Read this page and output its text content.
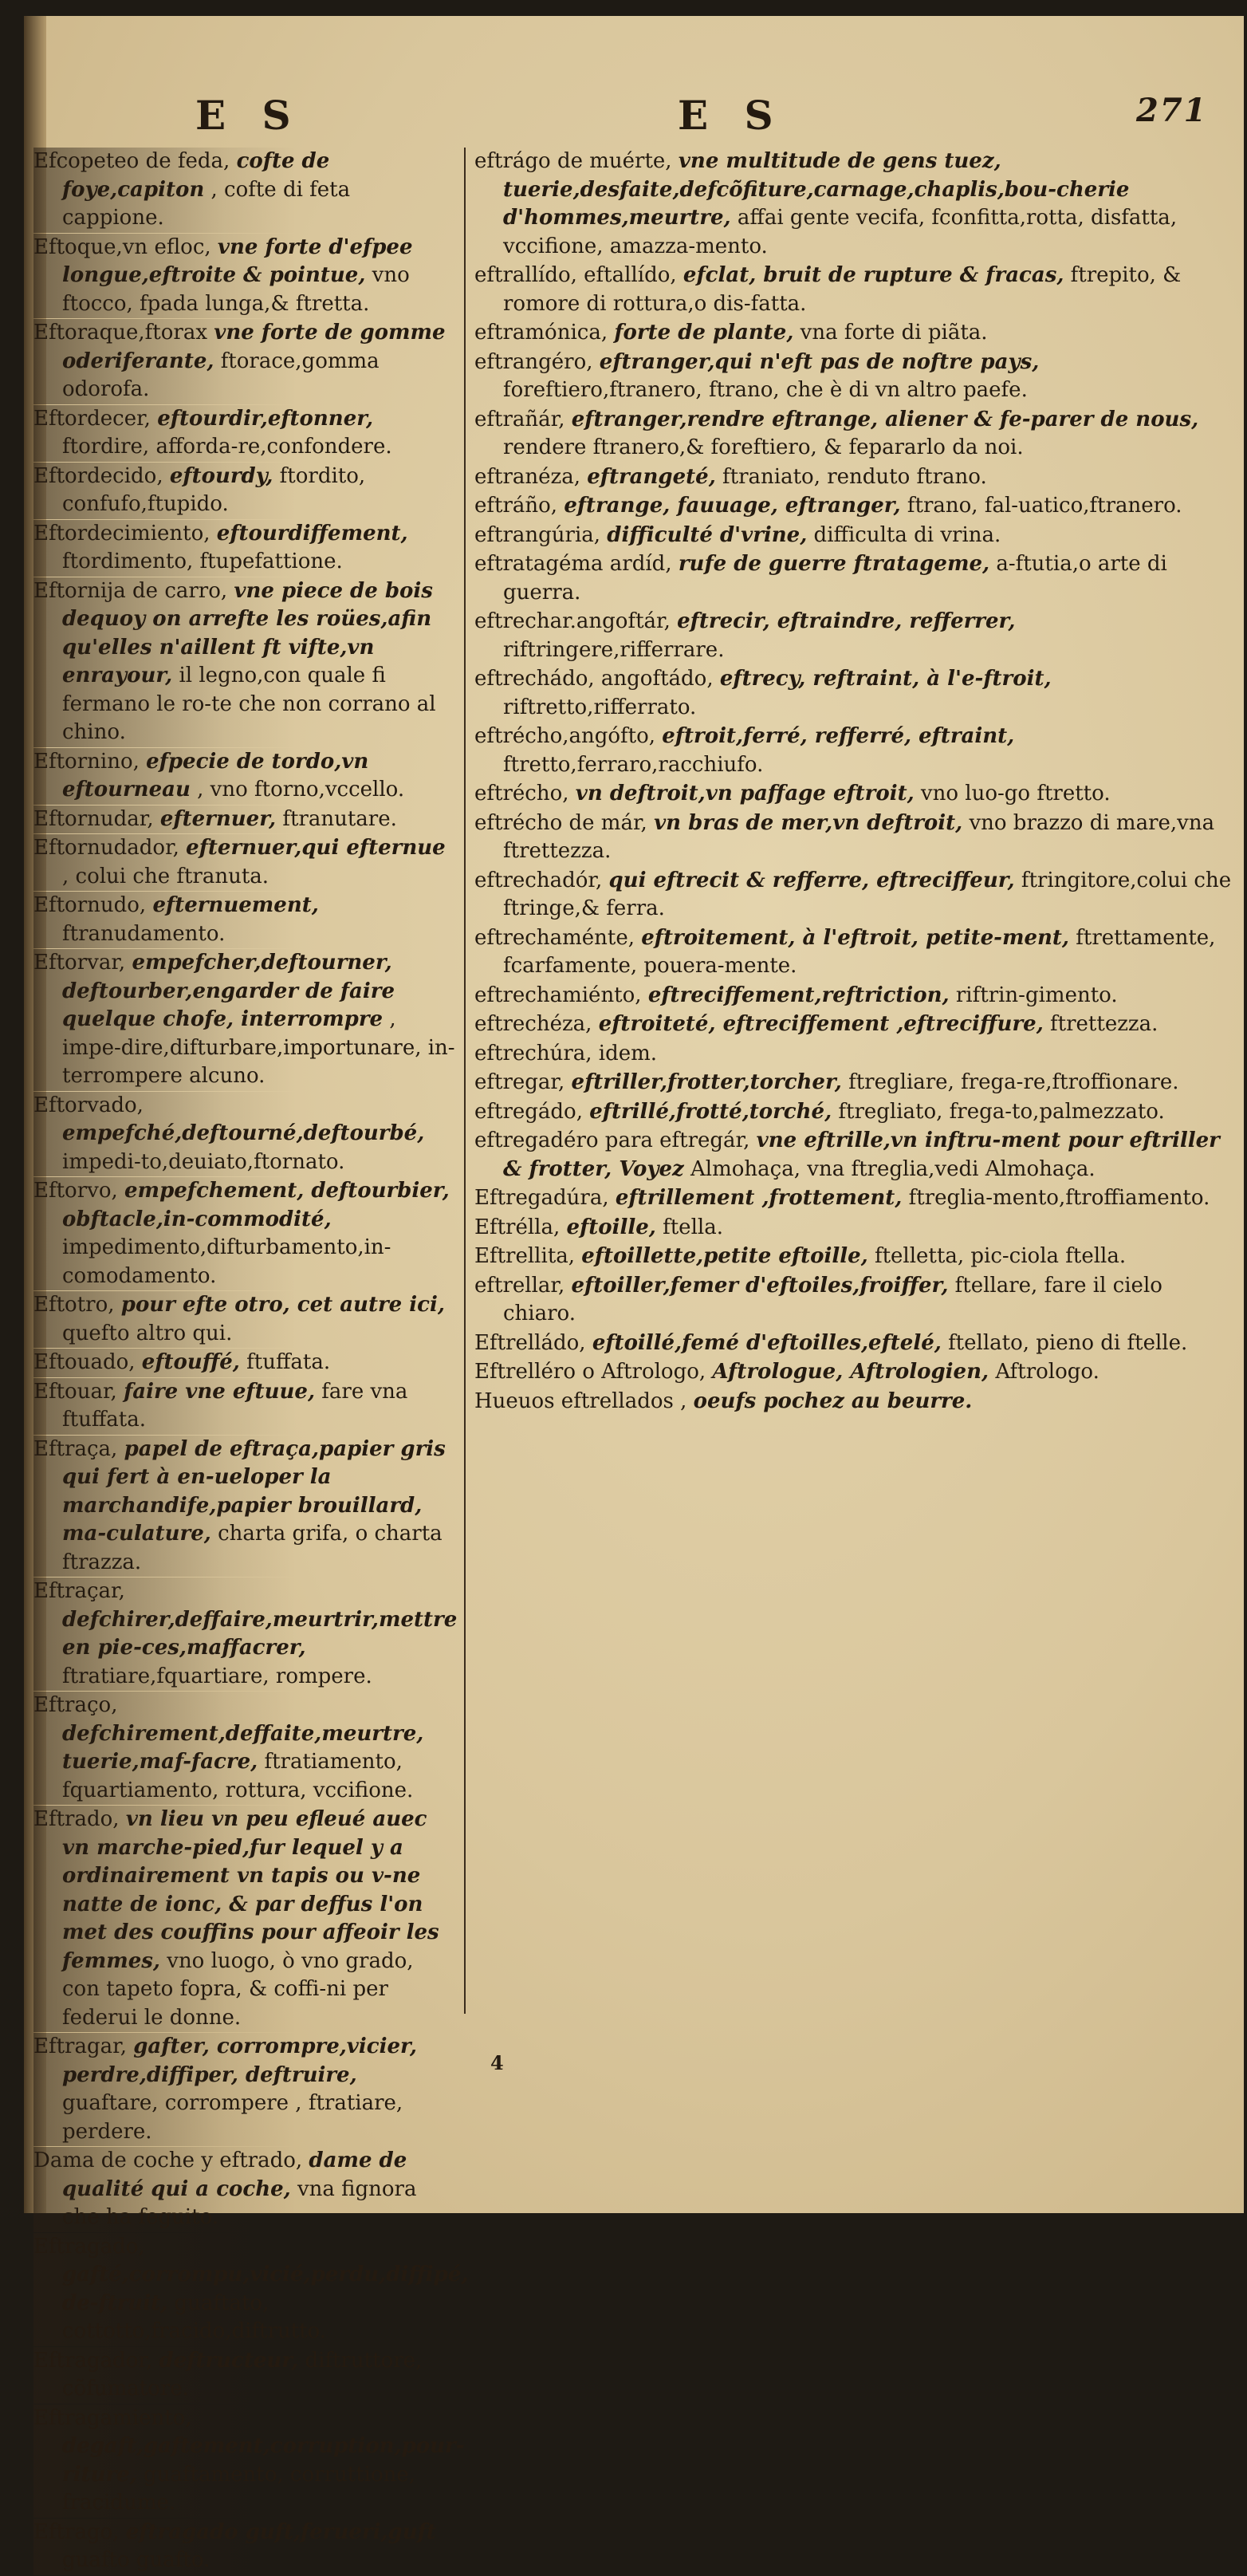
E S	E S	271
Efcopeteo de feda, cofte de foye,capiton , cofte di feta cappione.
Eftoque,vn efloc, vne forte d'efpee longue,eftroite & pointue, vno ftocco, fpada lunga,& ftretta.
Eftoraque,ftorax vne forte de gomme oderiferante, ftorace,gomma odorofa.
Eftordecer, eftourdir,eftonner, ftordire, afforda-re,confondere.
Eftordecido, eftourdy, ftordito, confufo,ftupido.
Eftordecimiento, eftourdiffement, ftordimento, ftupefattione.
Eftornija de carro, vne piece de bois dequoy on arrefte les roües,afin qu'elles n'aillent ft vifte,vn enrayour, il legno,con quale fi fermano le ro-te che non corrano al chino.
Eftornino, efpecie de tordo,vn eftourneau , vno ftorno,vccello.
Eftornudar, efternuer, ftranutare.
Eftornudador, efternuer,qui efternue , colui che ftranuta.
Eftornudo, efternuement, ftranudamento.
Eftorvar, empefcher,deftourner, deftourber,engarder de faire quelque chofe, interrompre , impe-dire,difturbare,importunare, in-terrompere alcuno.
Eftorvado, empefché,deftourné,deftourbé, impedi-to,deuiato,ftornato.
Eftorvo, empefchement, deftourbier, obftacle,in-commodité, impedimento,difturbamento,in-comodamento.
Eftotro, pour efte otro, cet autre ici, quefto altro qui.
Eftouado, eftouffé, ftuffata.
Eftouar, faire vne eftuue, fare vna ftuffata.
Eftraça, papel de eftraça,papier gris qui fert à en-ueloper la marchandife,papier brouillard, ma-culature, charta grifa, o charta ftrazza.
Eftraçar, defchirer,deffaire,meurtrir,mettre en pie-ces,maffacrer, ftratiare,fquartiare, rompere.
Eftraço, defchirement,deffaite,meurtre, tuerie,maf-facre, ftratiamento, fquartiamento, rottura, vccifione.
Eftrado, vn lieu vn peu efleué auec vn marche-pied,fur lequel y a ordinairement vn tapis ou v-ne natte de ionc, & par deffus l'on met des couffins pour affeoir les femmes, vno luogo, ò vno grado, con tapeto fopra, & coffi-ni per federui le donne.
Eftragar, gafter, corrompre,vicier, perdre,diffiper, deftruire, guaftare, corrompere , ftratiare, perdere.
Dama de coche y eftrado, dame de qualité qui a coche, vna fignora che ha feguito.
Eftragado, gafté,corrompu,vicié,perdu,diffipé, de-ftruit, guaftato, cottotto,fracido,diftrutto.
Eftragador, deftructeur, diftruttore, cõfumatore.
Eftragamiento, degaft,gaftement,corruption,pour-riture, guaftamento, corruttione, fracidume.
Eftrago, eftragado guft,ferueri,guft guafto guafto.
eftrágo de muérte, vne multitude de gens tuez, tuerie,desfaite,defcõfiture,carnage,chaplis,bou-cherie d'hommes,meurtre, affai gente vecifa, fconfitta,rotta, disfatta, vccifione, amazza-mento.
eftrallído, eftallído, efclat, bruit de rupture & fracas, ftrepito, & romore di rottura,o dis-fatta.
eftramónica, forte de plante, vna forte di piãta.
eftrangéro, eftranger,qui n'eft pas de noftre pays, foreftiero,ftranero, ftrano, che è di vn altro paefe.
eftrañár, eftranger,rendre eftrange, aliener & fe-parer de nous, rendere ftranero,& foreftiero, & fepararlo da noi.
eftranéza, eftrangeté, ftraniato, renduto ftrano.
eftráño, eftrange, fauuage, eftranger, ftrano, fal-uatico,ftranero.
eftrangúria, difficulté d'vrine, difficulta di vrina.
eftratagéma ardíd, rufe de guerre ftratageme, a-ftutia,o arte di guerra.
eftrechar.angoftár, eftrecir, eftraindre, refferrer, riftringere,rifferrare.
eftrechádo, angoftádo, eftrecy, reftraint, à l'e-ftroit, riftretto,rifferrato.
eftrécho,angófto, eftroit,ferré, refferré, eftraint, ftretto,ferraro,racchiufo.
eftrécho, vn deftroit,vn paffage eftroit, vno luo-go ftretto.
eftrécho de már, vn bras de mer,vn deftroit, vno brazzo di mare,vna ftrettezza.
eftrechadór, qui eftrecit & refferre, eftreciffeur, ftringitore,colui che ftringe,& ferra.
eftrechaménte, eftroitement, à l'eftroit, petite-ment, ftrettamente, fcarfamente, pouera-mente.
eftrechamiénto, eftreciffement,reftriction, riftrin-gimento.
eftrechéza, eftroiteté, eftreciffement ,eftreciffure, ftrettezza.
eftrechúra, idem.
eftregar, eftriller,frotter,torcher, ftregliare, frega-re,ftroffionare.
eftregádo, eftrillé,frotté,torché, ftregliato, frega-to,palmezzato.
eftregadéro para eftregár, vne eftrille,vn inftru-ment pour eftriller & frotter, Voyez Almohaça, vna ftreglia,vedi Almohaça.
Eftregadúra, eftrillement ,frottement, ftreglia-mento,ftroffiamento.
Eftrélla, eftoille, ftella.
Eftrellita, eftoillette,petite eftoille, ftelletta, pic-ciola ftella.
eftrellar, eftoiller,femer d'eftoiles,froiffer, ftellare, fare il cielo chiaro.
Eftrelládo, eftoillé,femé d'eftoilles,eftelé, ftellato, pieno di ftelle.
Eftrelléro o Aftrologo, Aftrologue, Aftrologien, Aftrologo.
Hueuos eftrellados , oeufs pochez au beurre.
4
